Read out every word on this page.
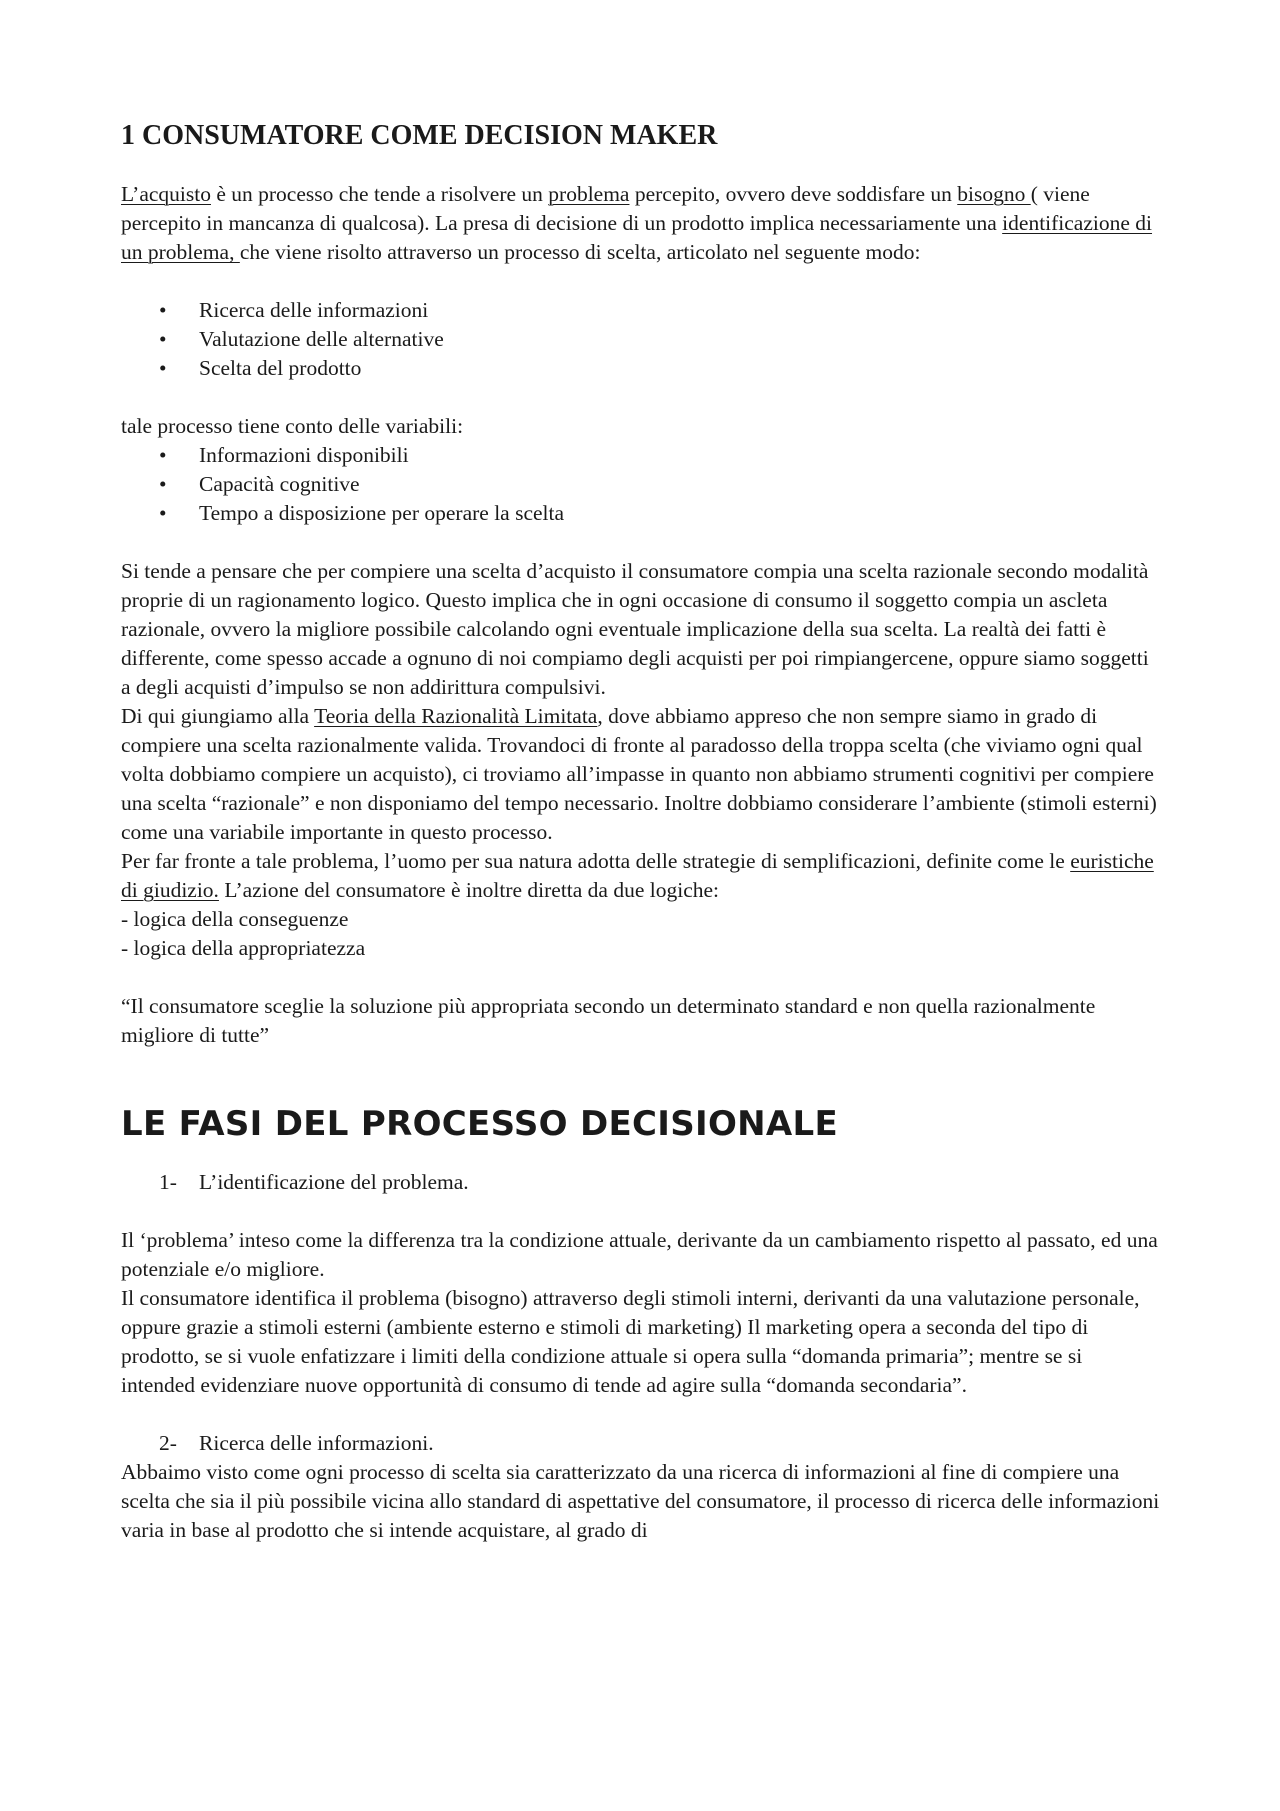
1 CONSUMATORE COME DECISION MAKER

L’acquisto è un processo che tende a risolvere un problema percepito, ovvero deve soddisfare un bisogno ( viene percepito in mancanza di qualcosa). La presa di decisione di un prodotto implica necessariamente una identificazione di un problema, che viene risolto attraverso un processo di scelta, articolato nel seguente modo:

• Ricerca delle informazioni
• Valutazione delle alternative
• Scelta del prodotto

tale processo tiene conto delle variabili:

• Informazioni disponibili
• Capacità cognitive
• Tempo a disposizione per operare la scelta

Si tende a pensare che per compiere una scelta d’acquisto il consumatore compia una scelta razionale secondo modalità proprie di un ragionamento logico. Questo implica che in ogni occasione di consumo il soggetto compia un ascleta razionale, ovvero la migliore possibile calcolando ogni eventuale implicazione della sua scelta. La realtà dei fatti è differente, come spesso accade a ognuno di noi compiamo degli acquisti per poi rimpiangercene, oppure siamo soggetti a degli acquisti d’impulso se non addirittura compulsivi.

Di qui giungiamo alla Teoria della Razionalità Limitata, dove abbiamo appreso che non sempre siamo in grado di compiere una scelta razionalmente valida. Trovandoci di fronte al paradosso della troppa scelta (che viviamo ogni qual volta dobbiamo compiere un acquisto), ci troviamo all’impasse in quanto non abbiamo strumenti cognitivi per compiere una scelta “razionale” e non disponiamo del tempo necessario. Inoltre dobbiamo considerare l’ambiente (stimoli esterni) come una variabile importante in questo processo.

Per far fronte a tale problema, l’uomo per sua natura adotta delle strategie di semplificazioni, definite come le euristiche di giudizio. L’azione del consumatore è inoltre diretta da due logiche:

- logica della conseguenze

- logica della appropriatezza

“Il consumatore sceglie la soluzione più appropriata secondo un determinato standard e non quella razionalmente migliore di tutte”

LE FASI DEL PROCESSO DECISIONALE
1- L’identificazione del problema.

Il ‘problema’ inteso come la differenza tra la condizione attuale, derivante da un cambiamento rispetto al passato, ed una potenziale e/o migliore.

Il consumatore identifica il problema (bisogno) attraverso degli stimoli interni, derivanti da una valutazione personale, oppure grazie a stimoli esterni (ambiente esterno e stimoli di marketing) Il marketing opera a seconda del tipo di prodotto, se si vuole enfatizzare i limiti della condizione attuale si opera sulla “domanda primaria”; mentre se si intended evidenziare nuove opportunità di consumo di tende ad agire sulla “domanda secondaria”.

2- Ricerca delle informazioni.

Abbaimo visto come ogni processo di scelta sia caratterizzato da una ricerca di informazioni al fine di compiere una scelta che sia il più possibile vicina allo standard di aspettative del consumatore, il processo di ricerca delle informazioni varia in base al prodotto che si intende acquistare, al grado di
